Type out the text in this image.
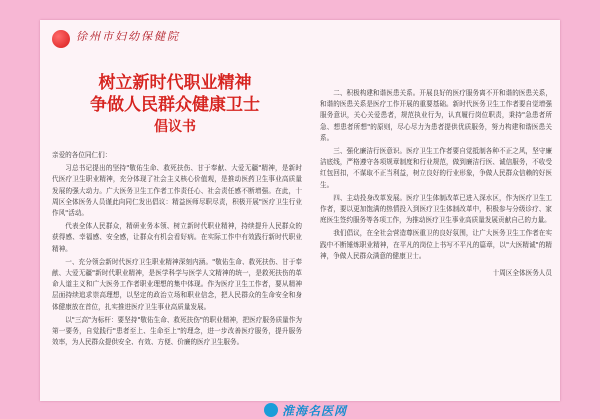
徐州市妇幼保健院
树立新时代职业精神
争做人民群众健康卫士
倡议书

亲爱的各位同仁们：

习总书记提出的坚持"敬佑生命、救死扶伤、甘于奉献、大爱无疆"精神，是新时代医疗卫生职业精神，充分体现了社会主义核心价值观，是推动医药卫生事业高质量发展的强大动力。广大医务卫生工作者工作责任心、社会责任感不断增强。在此，十周区全体医务人员谨此向同仁发出倡议：精益医师尽职尽责，积极开展"医疗卫生行业作风"活动。

代表全体人民群众，精研业务本领、树立新时代职业精神，持续提升人民群众的获得感、幸福感、安全感，让群众有机会看好病。在实际工作中有效践行新时代职业精神。

一、充分领会新时代医疗卫生职业精神深刻内涵。"敬佑生命、救死扶伤、甘于奉献、大爱无疆"新时代职业精神，是医学科学与医学人文精神的统一，是救死扶伤的革命人道主义和广大医务工作者职业理想的集中体现。作为医疗卫生工作者，要从精神层面持续追求崇高理想，以坚定的政治立场和职业信念，把人民群众的生命安全和身体健康放在首位，扎实推进医疗卫生事业高质量发展。

以"三高"为标杆：要坚持"敬佑生命、救死扶伤"的职业精神，把医疗服务质量作为第一要务，自觉践行"患者至上、生命至上"的理念，进一步改善医疗服务，提升服务效率，为人民群众提供安全、有效、方便、价廉的医疗卫生服务。

二、积极构建和谐医患关系。开展良好的医疗服务离不开和谐的医患关系，和谐的医患关系是医疗工作开展的重要基础。新时代医务卫生工作者要自觉增强服务意识，关心关爱患者，规范执业行为，认真履行岗位职责，秉持"急患者所急、想患者所想"的原则，尽心尽力为患者提供优质服务，努力构建和谐医患关系。

三、强化廉洁行医意识。医疗卫生工作者要自觉抵制各种不正之风，坚守廉洁底线，严格遵守各项规章制度和行业规范，做到廉洁行医、诚信服务，不收受红包回扣，不谋取不正当利益，树立良好的行业形象，争做人民群众信赖的好医生。

四、主动投身改革发展。医疗卫生体制改革已进入深水区，作为医疗卫生工作者，要以更加饱满的热情投入到医疗卫生体制改革中，积极参与分级诊疗、家庭医生签约服务等各项工作，为推动医疗卫生事业高质量发展贡献自己的力量。

我们倡议，在全社会营造尊医重卫的良好氛围，让广大医务卫生工作者在实践中不断锤炼职业精神，在平凡的岗位上书写不平凡的篇章，以"大医精诚"的精神，争做人民群众满意的健康卫士。

十周区全体医务人员

淮海名医网
